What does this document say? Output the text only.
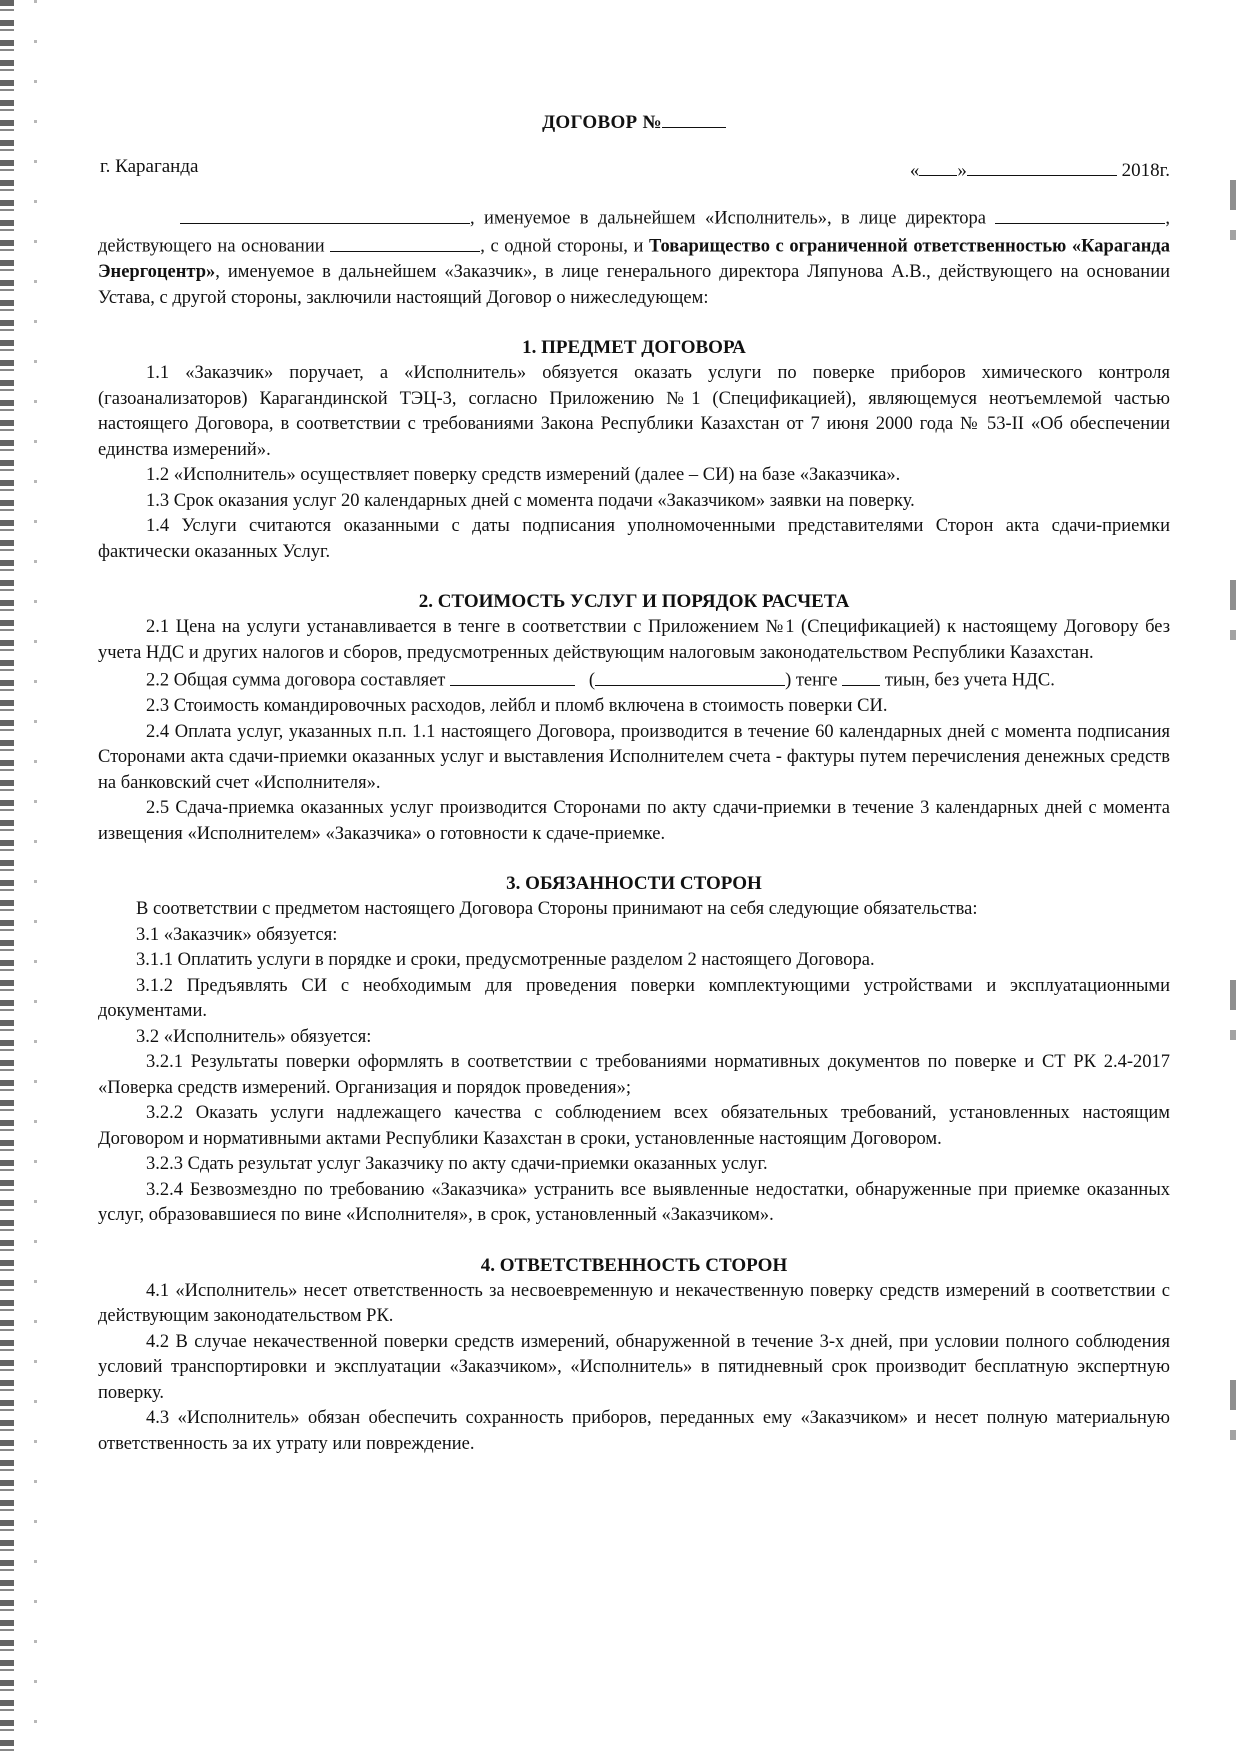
ДОГОВОР №
г. Караганда	« »	2018г.

, именуемое в дальнейшем «Исполнитель», в лице директора	, действующего на основании	, с одной стороны, и Товарищество с ограниченной ответственностью «Караганда Энергоцентр», именуемое в дальнейшем «Заказчик», в лице генерального директора Ляпунова А.В., действующего на основании Устава, с другой стороны, заключили настоящий Договор о нижеследующем:

1. ПРЕДМЕТ ДОГОВОРА

1.1 «Заказчик» поручает, а «Исполнитель» обязуется оказать услуги по поверке приборов химического контроля (газоанализаторов) Карагандинской ТЭЦ-3, согласно Приложению №1 (Спецификацией), являющемуся неотъемлемой частью настоящего Договора, в соответствии с требованиями Закона Республики Казахстан от 7 июня 2000 года № 53-II «Об обеспечении единства измерений».

1.2 «Исполнитель» осуществляет поверку средств измерений (далее – СИ) на базе «Заказчика».

1.3 Срок оказания услуг 20 календарных дней с момента подачи «Заказчиком» заявки на поверку.

1.4 Услуги считаются оказанными с даты подписания уполномоченными представителями Сторон акта сдачи-приемки фактически оказанных Услуг.

2. СТОИМОСТЬ УСЛУГ И ПОРЯДОК РАСЧЕТА

2.1 Цена на услуги устанавливается в тенге в соответствии с Приложением №1 (Спецификацией) к настоящему Договору без учета НДС и других налогов и сборов, предусмотренных действующим налоговым законодательством Республики Казахстан.

2.2 Общая сумма договора составляет	(	) тенге	тиын, без учета НДС.

2.3 Стоимость командировочных расходов, лейбл и пломб включена в стоимость поверки СИ.

2.4 Оплата услуг, указанных п.п. 1.1 настоящего Договора, производится в течение 60 календарных дней с момента подписания Сторонами акта сдачи-приемки оказанных услуг и выставления Исполнителем счета - фактуры путем перечисления денежных средств на банковский счет «Исполнителя».

2.5 Сдача-приемка оказанных услуг производится Сторонами по акту сдачи-приемки в течение 3 календарных дней с момента извещения «Исполнителем» «Заказчика» о готовности к сдаче-приемке.

3. ОБЯЗАННОСТИ СТОРОН

В соответствии с предметом настоящего Договора Стороны принимают на себя следующие обязательства:

3.1 «Заказчик» обязуется:

3.1.1 Оплатить услуги в порядке и сроки, предусмотренные разделом 2 настоящего Договора.

3.1.2 Предъявлять СИ с необходимым для проведения поверки комплектующими устройствами и эксплуатационными документами.

3.2 «Исполнитель» обязуется:

3.2.1 Результаты поверки оформлять в соответствии с требованиями нормативных документов по поверке и СТ РК 2.4-2017 «Поверка средств измерений. Организация и порядок проведения»;

3.2.2 Оказать услуги надлежащего качества с соблюдением всех обязательных требований, установленных настоящим Договором и нормативными актами Республики Казахстан в сроки, установленные настоящим Договором.

3.2.3 Сдать результат услуг Заказчику по акту сдачи-приемки оказанных услуг.

3.2.4 Безвозмездно по требованию «Заказчика» устранить все выявленные недостатки, обнаруженные при приемке оказанных услуг, образовавшиеся по вине «Исполнителя», в срок, установленный «Заказчиком».

4. ОТВЕТСТВЕННОСТЬ СТОРОН

4.1 «Исполнитель» несет ответственность за несвоевременную и некачественную поверку средств измерений в соответствии с действующим законодательством РК.

4.2 В случае некачественной поверки средств измерений, обнаруженной в течение 3-х дней, при условии полного соблюдения условий транспортировки и эксплуатации «Заказчиком», «Исполнитель» в пятидневный срок производит бесплатную экспертную поверку.

4.3 «Исполнитель» обязан обеспечить сохранность приборов, переданных ему «Заказчиком» и несет полную материальную ответственность за их утрату или повреждение.
